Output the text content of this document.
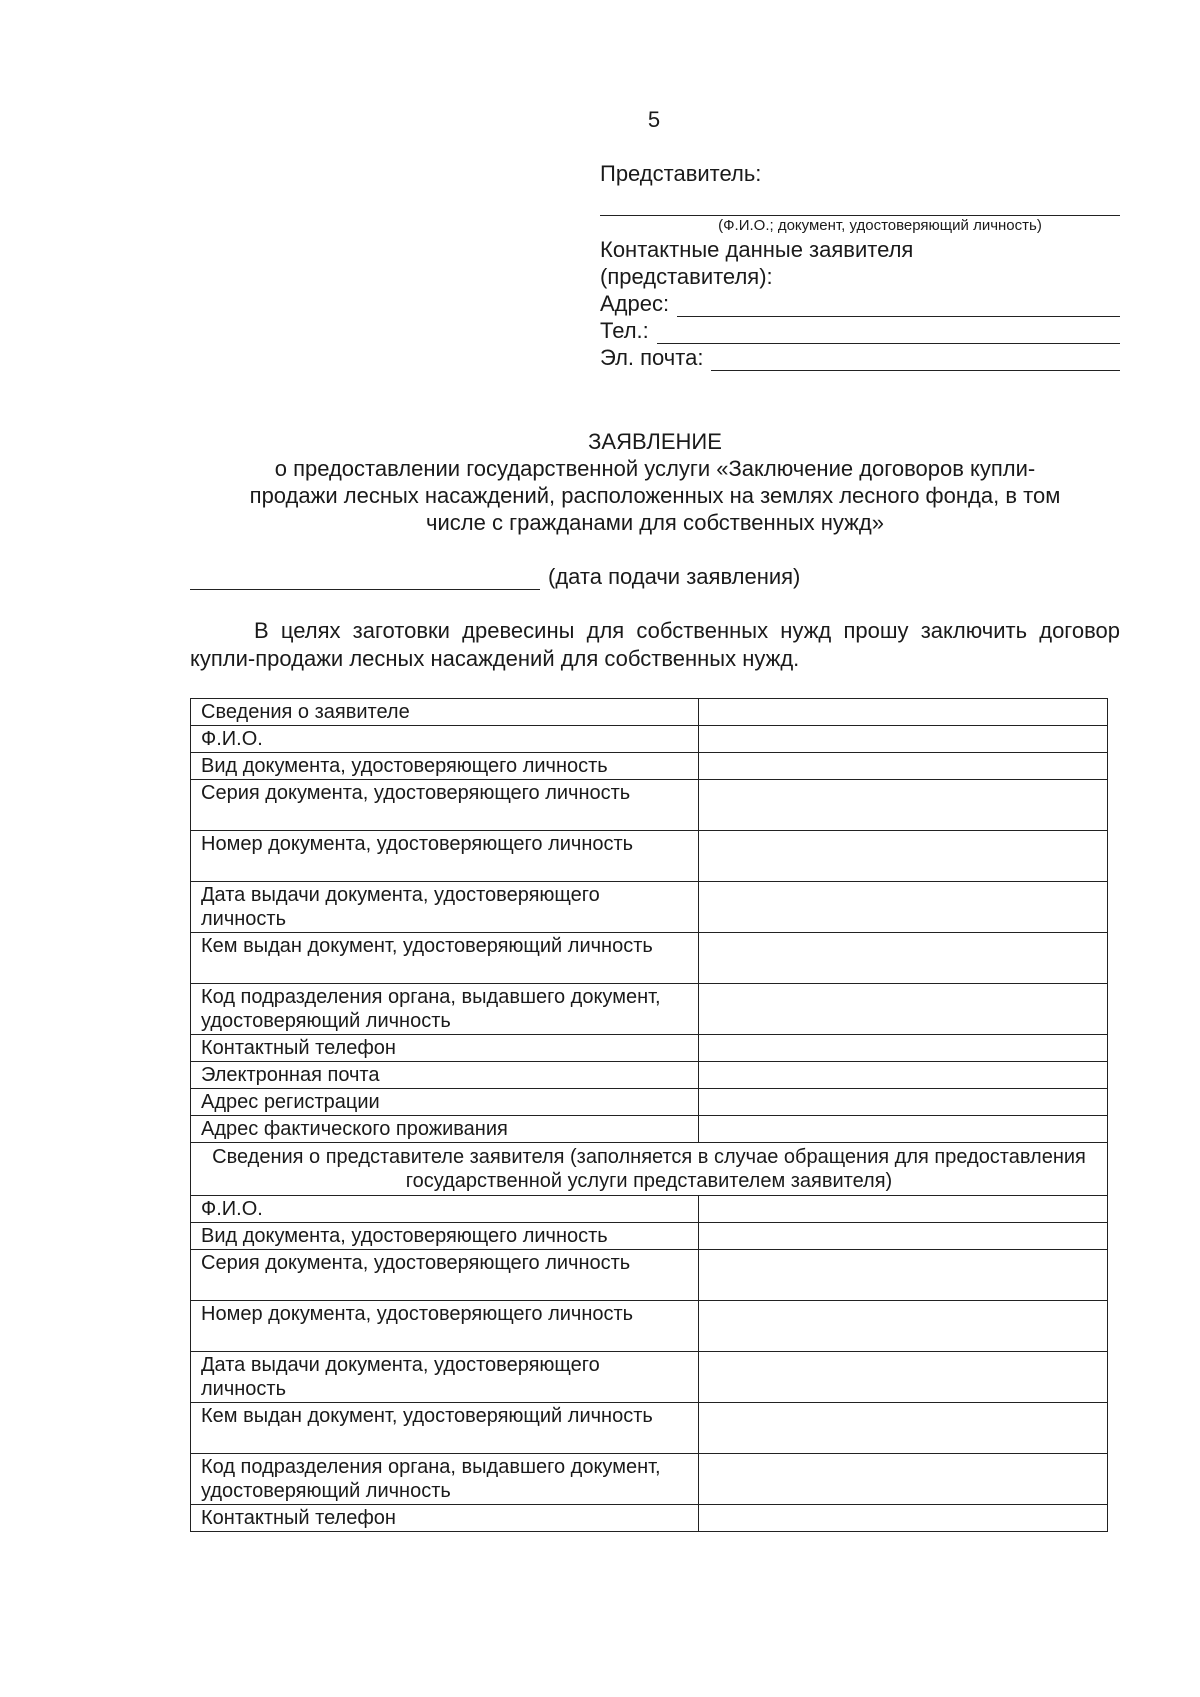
5
Представитель:
(Ф.И.О.; документ, удостоверяющий личность)
Контактные данные заявителя
(представителя):
Адрес:
Тел.:
Эл. почта:
ЗАЯВЛЕНИЕ
о предоставлении государственной услуги «Заключение договоров купли-
продажи лесных насаждений, расположенных на землях лесного фонда, в том
числе с гражданами для собственных нужд»
(дата подачи заявления)
В целях заготовки древесины для собственных нужд прошу заключить договор купли-продажи лесных насаждений для собственных нужд.
Сведения о заявителе	
Ф.И.О.	
Вид документа, удостоверяющего личность	
Серия документа, удостоверяющего личность	
Номер документа, удостоверяющего личность	
Дата выдачи документа, удостоверяющего личность	
Кем выдан документ, удостоверяющий личность	
Код подразделения органа, выдавшего документ, удостоверяющий личность	
Контактный телефон	
Электронная почта	
Адрес регистрации	
Адрес фактического проживания	
Сведения о представителе заявителя (заполняется в случае обращения для предоставления государственной услуги представителем заявителя)	
Ф.И.О.	
Вид документа, удостоверяющего личность	
Серия документа, удостоверяющего личность	
Номер документа, удостоверяющего личность	
Дата выдачи документа, удостоверяющего личность	
Кем выдан документ, удостоверяющий личность	
Код подразделения органа, выдавшего документ, удостоверяющий личность	
Контактный телефон	
